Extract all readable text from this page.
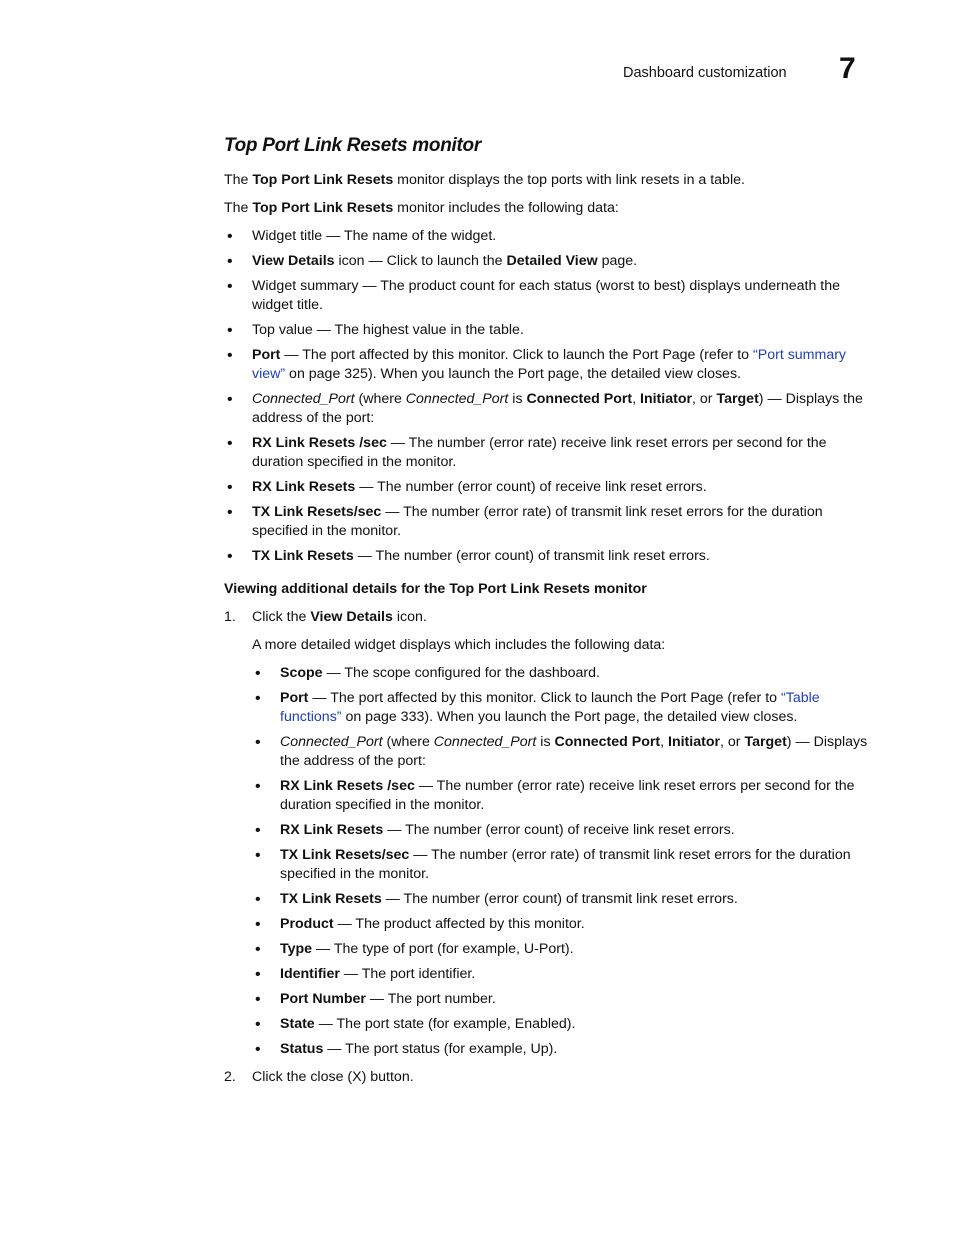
Dashboard customization 7
Top Port Link Resets monitor

The Top Port Link Resets monitor displays the top ports with link resets in a table.

The Top Port Link Resets monitor includes the following data:

• Widget title — The name of the widget.
• View Details icon — Click to launch the Detailed View page.
• Widget summary — The product count for each status (worst to best) displays underneath the widget title.
• Top value — The highest value in the table.
• Port — The port affected by this monitor. Click to launch the Port Page (refer to “Port summary view” on page 325). When you launch the Port page, the detailed view closes.
• Connected_Port (where Connected_Port is Connected Port, Initiator, or Target) — Displays the address of the port:
• RX Link Resets /sec — The number (error rate) receive link reset errors per second for the duration specified in the monitor.
• RX Link Resets — The number (error count) of receive link reset errors.
• TX Link Resets/sec — The number (error rate) of transmit link reset errors for the duration specified in the monitor.
• TX Link Resets — The number (error count) of transmit link reset errors.
Viewing additional details for the Top Port Link Resets monitor
1. Click the View Details icon.

A more detailed widget displays which includes the following data:

• Scope — The scope configured for the dashboard.
• Port — The port affected by this monitor. Click to launch the Port Page (refer to “Table functions” on page 333). When you launch the Port page, the detailed view closes.
• Connected_Port (where Connected_Port is Connected Port, Initiator, or Target) — Displays the address of the port:
• RX Link Resets /sec — The number (error rate) receive link reset errors per second for the duration specified in the monitor.
• RX Link Resets — The number (error count) of receive link reset errors.
• TX Link Resets/sec — The number (error rate) of transmit link reset errors for the duration specified in the monitor.
• TX Link Resets — The number (error count) of transmit link reset errors.
• Product — The product affected by this monitor.
• Type — The type of port (for example, U-Port).
• Identifier — The port identifier.
• Port Number — The port number.
• State — The port state (for example, Enabled).
• Status — The port status (for example, Up).
2. Click the close (X) button.
